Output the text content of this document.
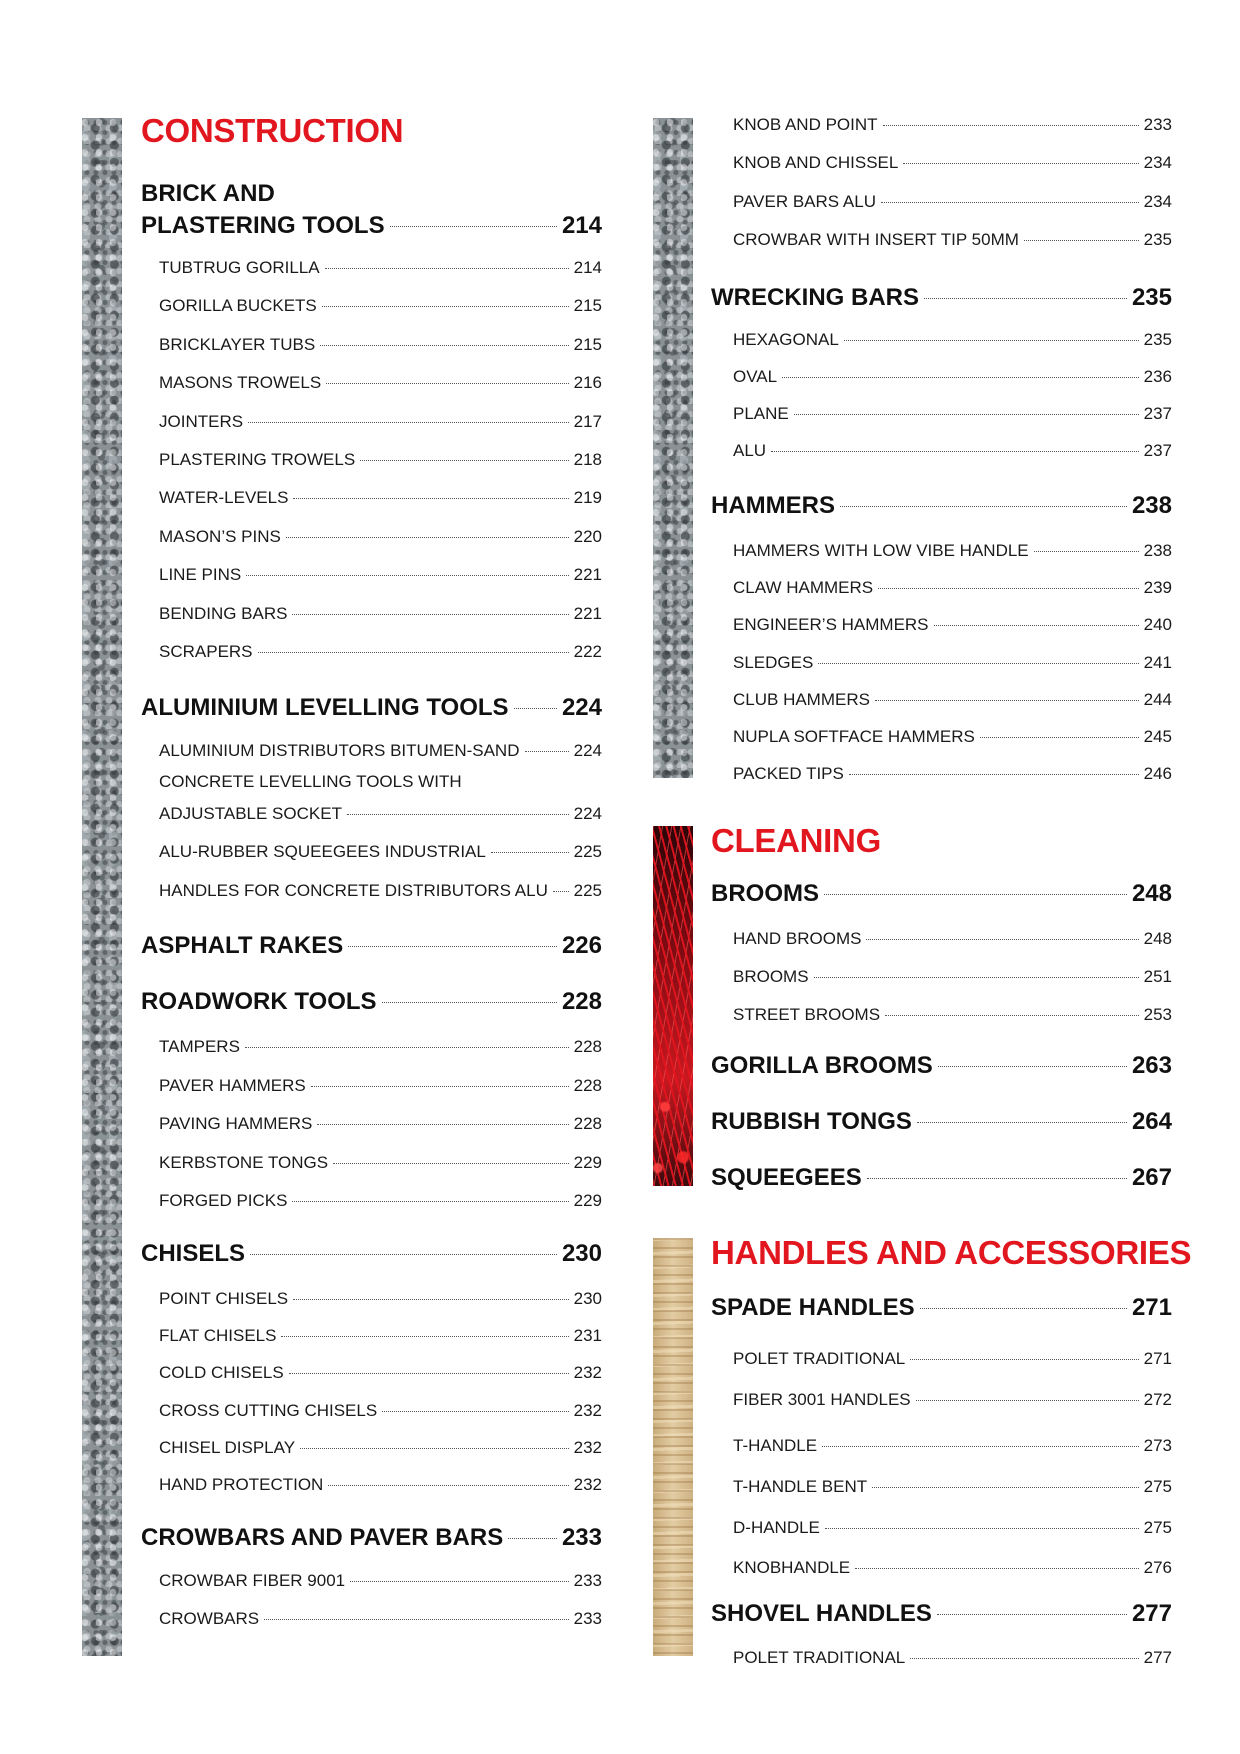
CONSTRUCTION
BRICK AND
PLASTERING TOOLS	214
TUBTRUG GORILLA	214
GORILLA BUCKETS	215
BRICKLAYER TUBS	215
MASONS TROWELS	216
JOINTERS	217
PLASTERING TROWELS	218
WATER-LEVELS	219
MASON’S PINS	220
LINE PINS	221
BENDING BARS	221
SCRAPERS	222
ALUMINIUM LEVELLING TOOLS 224
ALUMINIUM DISTRIBUTORS BITUMEN-SAND	224
CONCRETE LEVELLING TOOLS WITH
ADJUSTABLE SOCKET	224
ALU-RUBBER SQUEEGEES INDUSTRIAL	225
HANDLES FOR CONCRETE DISTRIBUTORS ALU 225
ASPHALT RAKES	226
ROADWORK TOOLS	228
TAMPERS	228
PAVER HAMMERS	228
PAVING HAMMERS	228
KERBSTONE TONGS	229
FORGED PICKS	229
CHISELS	230
POINT CHISELS	230
FLAT CHISELS	231
COLD CHISELS	232
CROSS CUTTING CHISELS	232
CHISEL DISPLAY	232
HAND PROTECTION	232
CROWBARS AND PAVER BARS 233
CROWBAR FIBER 9001	233
CROWBARS	233
KNOB AND POINT	233
KNOB AND CHISSEL	234
PAVER BARS ALU	234
CROWBAR WITH INSERT TIP 50MM	235
WRECKING BARS	235
HEXAGONAL	235
OVAL	236
PLANE	237
ALU	237
HAMMERS	238
HAMMERS WITH LOW VIBE HANDLE	238
CLAW HAMMERS	239
ENGINEER’S HAMMERS	240
SLEDGES	241
CLUB HAMMERS	244
NUPLA SOFTFACE HAMMERS	245
PACKED TIPS	246
CLEANING
BROOMS	248
HAND BROOMS	248
BROOMS	251
STREET BROOMS	253
GORILLA BROOMS	263
RUBBISH TONGS	264
SQUEEGEES	267
HANDLES AND ACCESSORIES
SPADE HANDLES	271
POLET TRADITIONAL	271
FIBER 3001 HANDLES	272
T-HANDLE	273
T-HANDLE BENT	275
D-HANDLE	275
KNOBHANDLE	276
SHOVEL HANDLES	277
POLET TRADITIONAL	277
